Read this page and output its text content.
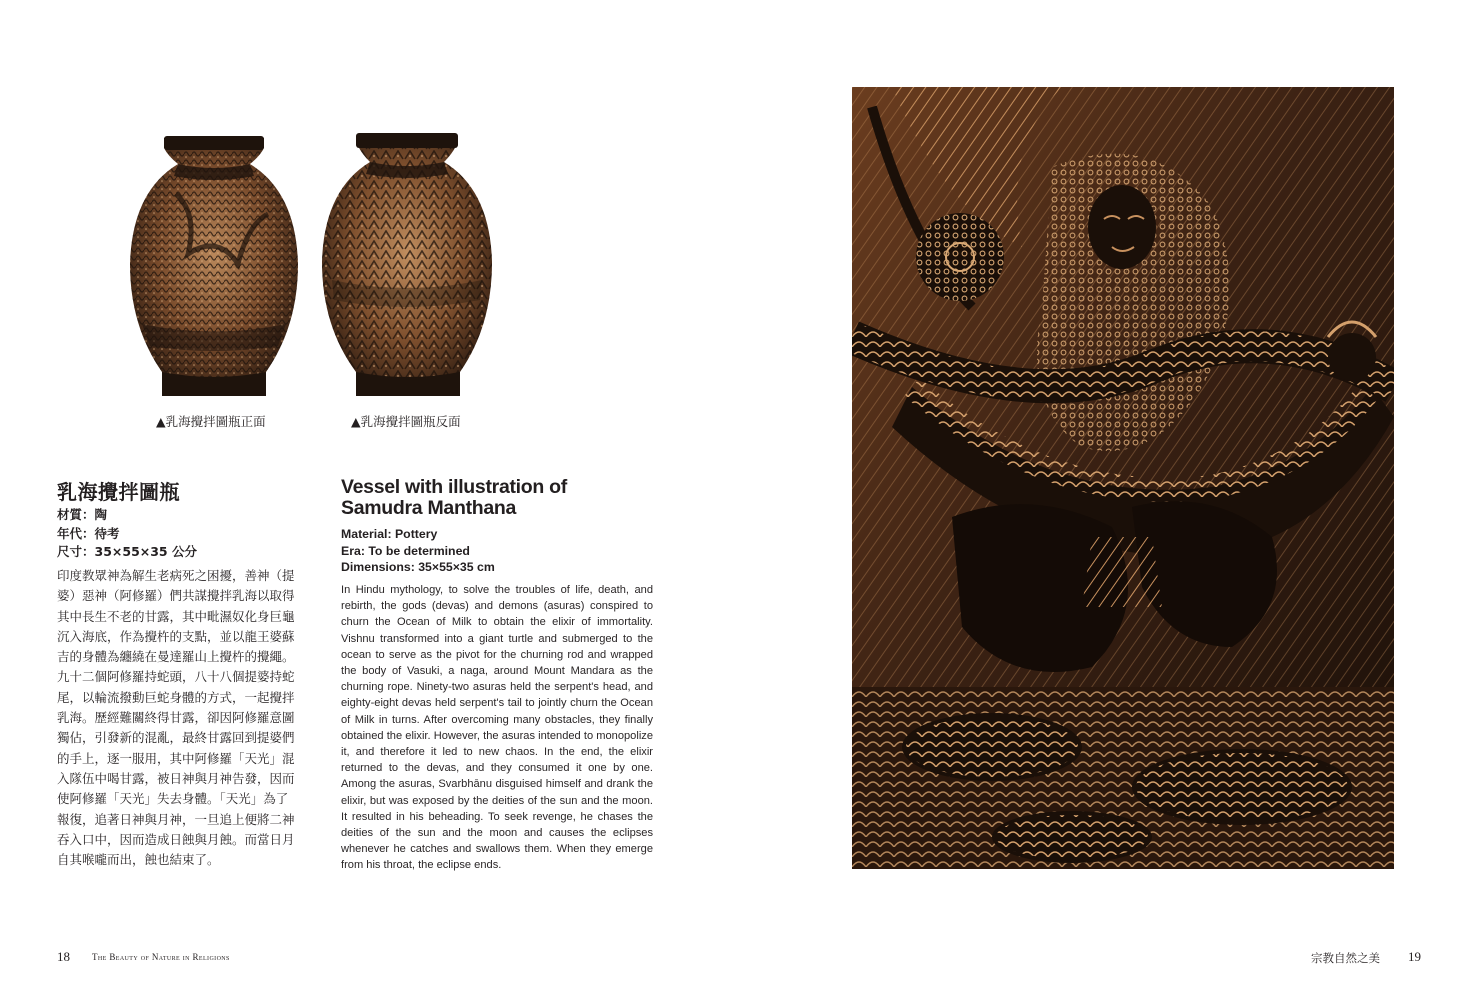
▲乳海攪拌圖瓶正面	▲乳海攪拌圖瓶反面
乳海攪拌圖瓶
材質：陶
年代：待考
尺寸：35×55×35 公分
印度教眾神為解生老病死之困擾，善神（提
婆）惡神（阿修羅）們共謀攪拌乳海以取得
其中長生不老的甘露，其中毗濕奴化身巨龜
沉入海底，作為攪杵的支點，並以龍王婆蘇
吉的身體為纏繞在曼達羅山上攪杵的攪繩。
九十二個阿修羅持蛇頭，八十八個提婆持蛇
尾，以輪流撥動巨蛇身體的方式，一起攪拌
乳海。歷經難關終得甘露，卻因阿修羅意圖
獨佔，引發新的混亂，最終甘露回到提婆們
的手上，逐一服用，其中阿修羅「天光」混
入隊伍中喝甘露，被日神與月神告發，因而
使阿修羅「天光」失去身體。「天光」為了
報復，追著日神與月神，一旦追上便將二神
吞入口中，因而造成日蝕與月蝕。而當日月
自其喉嚨而出，蝕也結束了。
Vessel with illustration of Samudra Manthana
Material: Pottery
Era: To be determined
Dimensions: 35×55×35 cm

In Hindu mythology, to solve the troubles of life, death, and rebirth, the gods (devas) and demons (asuras) conspired to churn the Ocean of Milk to obtain the elixir of immortality. Vishnu transformed into a giant turtle and submerged to the ocean to serve as the pivot for the churning rod and wrapped the body of Vasuki, a naga, around Mount Mandara as the churning rope. Ninety-two asuras held the serpent's head, and eighty-eight devas held serpent's tail to jointly churn the Ocean of Milk in turns. After overcoming many obstacles, they finally obtained the elixir. However, the asuras intended to monopolize it, and therefore it led to new chaos. In the end, the elixir returned to the devas, and they consumed it one by one. Among the asuras, Svarbhānu disguised himself and drank the elixir, but was exposed by the deities of the sun and the moon. It resulted in his beheading. To seek revenge, he chases the deities of the sun and the moon and causes the eclipses whenever he catches and swallows them. When they emerge from his throat, the eclipse ends.

18 The Beauty of Nature in Religions	宗教自然之美 19
